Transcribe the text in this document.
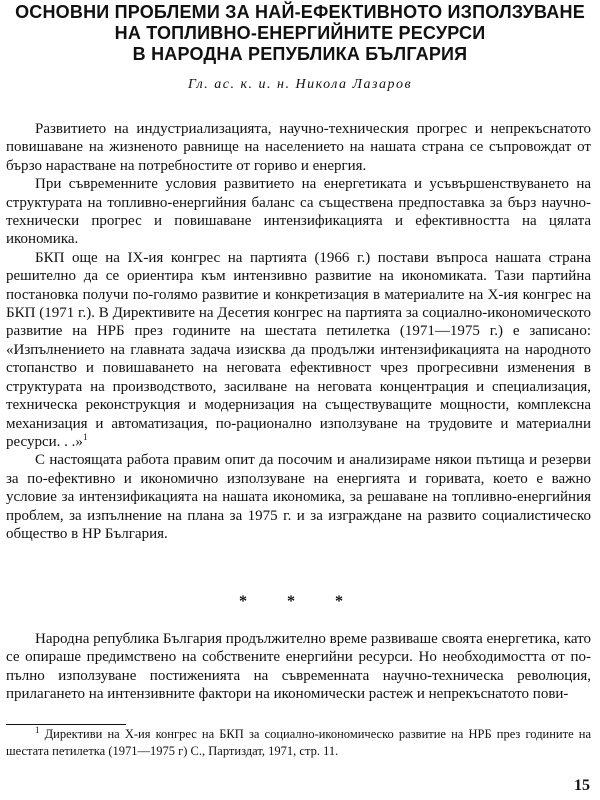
ОСНОВНИ ПРОБЛЕМИ ЗА НАЙ-ЕФЕКТИВНОТО ИЗПОЛЗУВАНЕ
НА ТОПЛИВНО-ЕНЕРГИЙНИТЕ РЕСУРСИ
В НАРОДНА РЕПУБЛИКА БЪЛГАРИЯ
Гл. ас. к. и. н. Никола Лазаров

Развитието на индустриализацията, научно-техническия прогрес и непрекъснатото повишаване на жизненото равнище на населението на нашата страна се съпровождат от бързо нарастване на потребностите от гориво и енергия.

При съвременните условия развитието на енергетиката и усъвършенствуването на структурата на топливно-енергийния баланс са съществена предпоставка за бърз научно-технически прогрес и повишаване интензификацията и ефективността на цялата икономика.

БКП още на IX-ия конгрес на партията (1966 г.) постави въпроса нашата страна решително да се ориентира към интензивно развитие на икономиката. Тази партийна постановка получи по-голямо развитие и конкретизация в материалите на X-ия конгрес на БКП (1971 г.). В Директивите на Десетия конгрес на партията за социално-икономическото развитие на НРБ през годините на шестата петилетка (1971—1975 г.) е записано: «Изпълнението на главната задача изисква да продължи интензификацията на народното стопанство и повишаването на неговата ефективност чрез прогресивни изменения в структурата на производството, засилване на неговата концентрация и специализация, техническа реконструкция и модернизация на съществуващите мощности, комплексна механизация и автоматизация, по-рационално използуване на трудовите и материални ресурси. . .»$^1$

С настоящата работа правим опит да посочим и анализираме някои пътища и резерви за по-ефективно и икономично използуване на енергията и горивата, което е важно условие за интензификацията на нашата икономика, за решаване на топливно-енергийния проблем, за изпълнение на плана за 1975 г. и за изграждане на развито социалистическо общество в НР България.

* * *

Народна република България продължително време развиваше своята енергетика, като се опираше предимствено на собствените енергийни ресурси. Но необходимостта от по-пълно използуване постиженията на съвременната научно-техническа революция, прилагането на интензивните фактори на икономически растеж и непрекъснатото пови-

$^1$ Директиви на X-ия конгрес на БКП за социално-икономическо развитие на НРБ през годините на шестата петилетка (1971—1975 г) С., Партиздат, 1971, стр. 11.
15
